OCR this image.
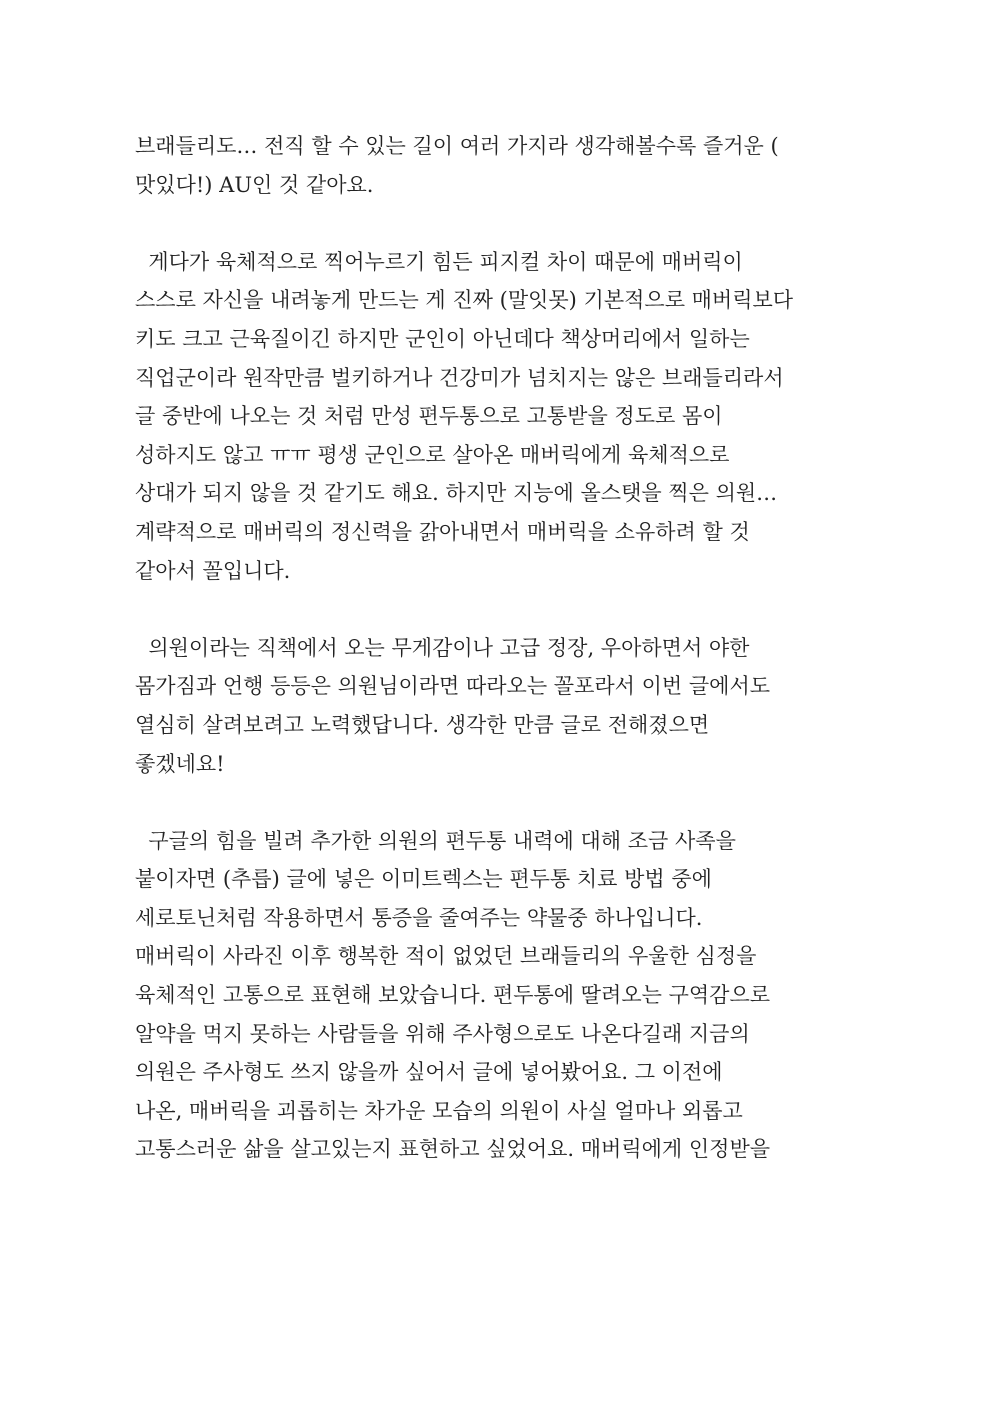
브래들리도… 전직 할 수 있는 길이 여러 가지라 생각해볼수록 즐거운 (
맛있다!) AU인 것 같아요.
게다가 육체적으로 찍어누르기 힘든 피지컬 차이 때문에 매버릭이
스스로 자신을 내려놓게 만드는 게 진짜 (말잇못) 기본적으로 매버릭보다
키도 크고 근육질이긴 하지만 군인이 아닌데다 책상머리에서 일하는
직업군이라 원작만큼 벌키하거나 건강미가 넘치지는 않은 브래들리라서
글 중반에 나오는 것 처럼 만성 편두통으로 고통받을 정도로 몸이
성하지도 않고 ㅠㅠ 평생 군인으로 살아온 매버릭에게 육체적으로
상대가 되지 않을 것 같기도 해요. 하지만 지능에 올스탯을 찍은 의원…
계략적으로 매버릭의 정신력을 갉아내면서 매버릭을 소유하려 할 것
같아서 꼴입니다.
의원이라는 직책에서 오는 무게감이나 고급 정장, 우아하면서 야한
몸가짐과 언행 등등은 의원님이라면 따라오는 꼴포라서 이번 글에서도
열심히 살려보려고 노력했답니다. 생각한 만큼 글로 전해졌으면
좋겠네요!
구글의 힘을 빌려 추가한 의원의 편두통 내력에 대해 조금 사족을
붙이자면 (추릅) 글에 넣은 이미트렉스는 편두통 치료 방법 중에
세로토닌처럼 작용하면서 통증을 줄여주는 약물중 하나입니다.
매버릭이 사라진 이후 행복한 적이 없었던 브래들리의 우울한 심정을
육체적인 고통으로 표현해 보았습니다. 편두통에 딸려오는 구역감으로
알약을 먹지 못하는 사람들을 위해 주사형으로도 나온다길래 지금의
의원은 주사형도 쓰지 않을까 싶어서 글에 넣어봤어요. 그 이전에
나온, 매버릭을 괴롭히는 차가운 모습의 의원이 사실 얼마나 외롭고
고통스러운 삶을 살고있는지 표현하고 싶었어요. 매버릭에게 인정받을
